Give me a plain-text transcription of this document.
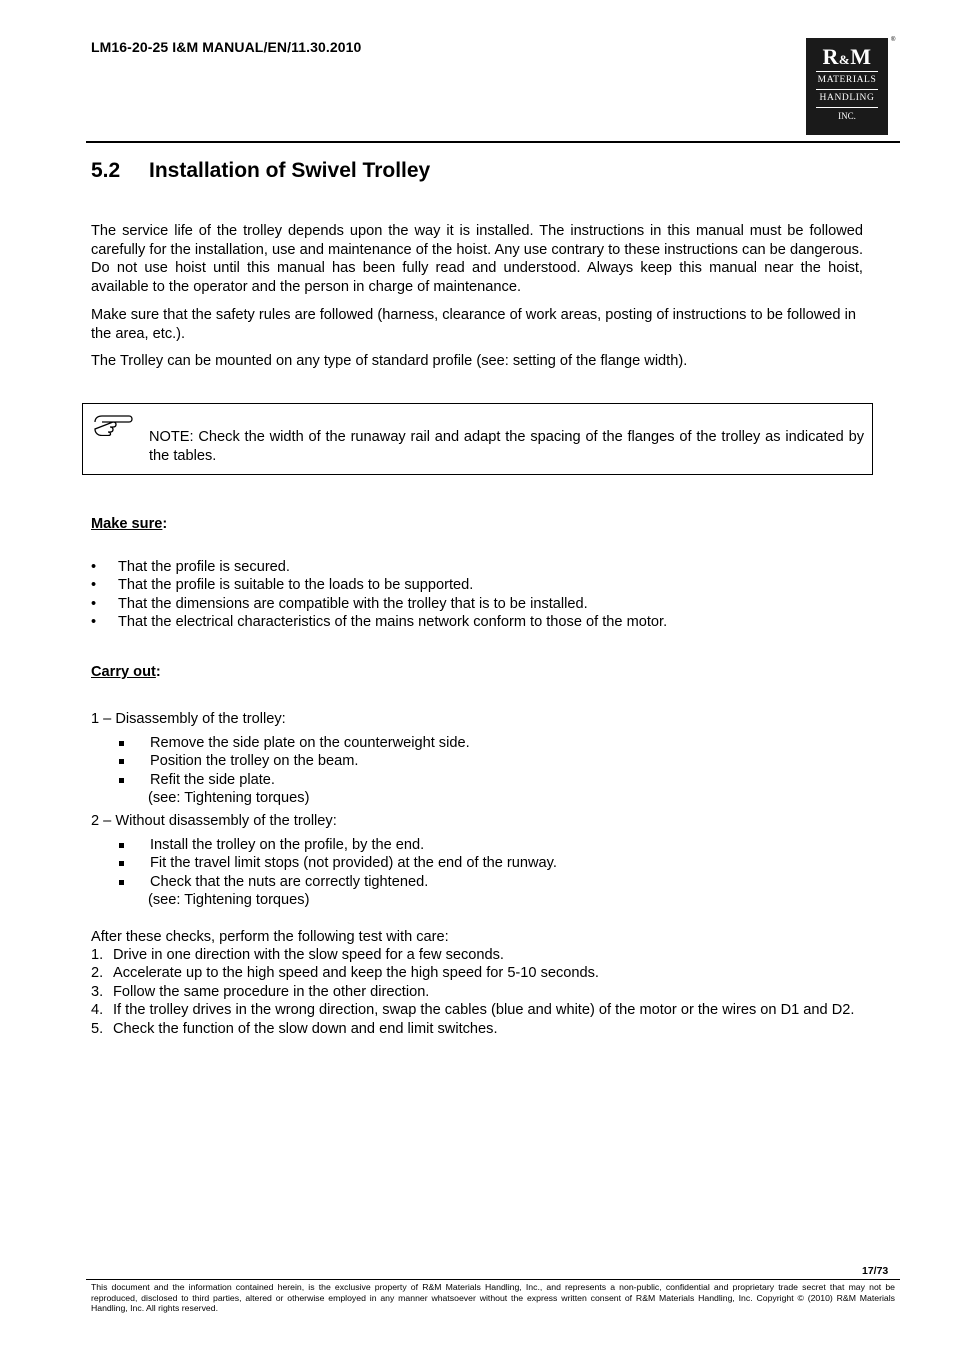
LM16-20-25 I&M MANUAL/EN/11.30.2010	R&M
MATERIALS
HANDLING
INC.
®
5.2 Installation of Swivel Trolley
The service life of the trolley depends upon the way it is installed. The instructions in this manual must be followed carefully for the installation, use and maintenance of the hoist. Any use contrary to these instructions can be dangerous. Do not use hoist until this manual has been fully read and understood. Always keep this manual near the hoist, available to the operator and the person in charge of maintenance.
Make sure that the safety rules are followed (harness, clearance of work areas, posting of instructions to be followed in the area, etc.).
The Trolley can be mounted on any type of standard profile (see: setting of the flange width).
NOTE: Check the width of the runaway rail and adapt the spacing of the flanges of the trolley as indicated by the tables.
Make sure:
• That the profile is secured.
• That the profile is suitable to the loads to be supported.
• That the dimensions are compatible with the trolley that is to be installed.
• That the electrical characteristics of the mains network conform to those of the motor.
Carry out:
1 – Disassembly of the trolley:
Remove the side plate on the counterweight side.
Position the trolley on the beam.
Refit the side plate.
(see: Tightening torques)
2 – Without disassembly of the trolley:
Install the trolley on the profile, by the end.
Fit the travel limit stops (not provided) at the end of the runway.
Check that the nuts are correctly tightened.
(see: Tightening torques)
After these checks, perform the following test with care:
1. Drive in one direction with the slow speed for a few seconds.
2. Accelerate up to the high speed and keep the high speed for 5-10 seconds.
3. Follow the same procedure in the other direction.
4. If the trolley drives in the wrong direction, swap the cables (blue and white) of the motor or the wires on D1 and D2.
5. Check the function of the slow down and end limit switches.
17/73
This document and the information contained herein, is the exclusive property of R&M Materials Handling, Inc., and represents a non-public, confidential and proprietary trade secret that may not be reproduced, disclosed to third parties, altered or otherwise employed in any manner whatsoever without the express written consent of R&M Materials Handling, Inc. Copyright © (2010) R&M Materials Handling, Inc. All rights reserved.
